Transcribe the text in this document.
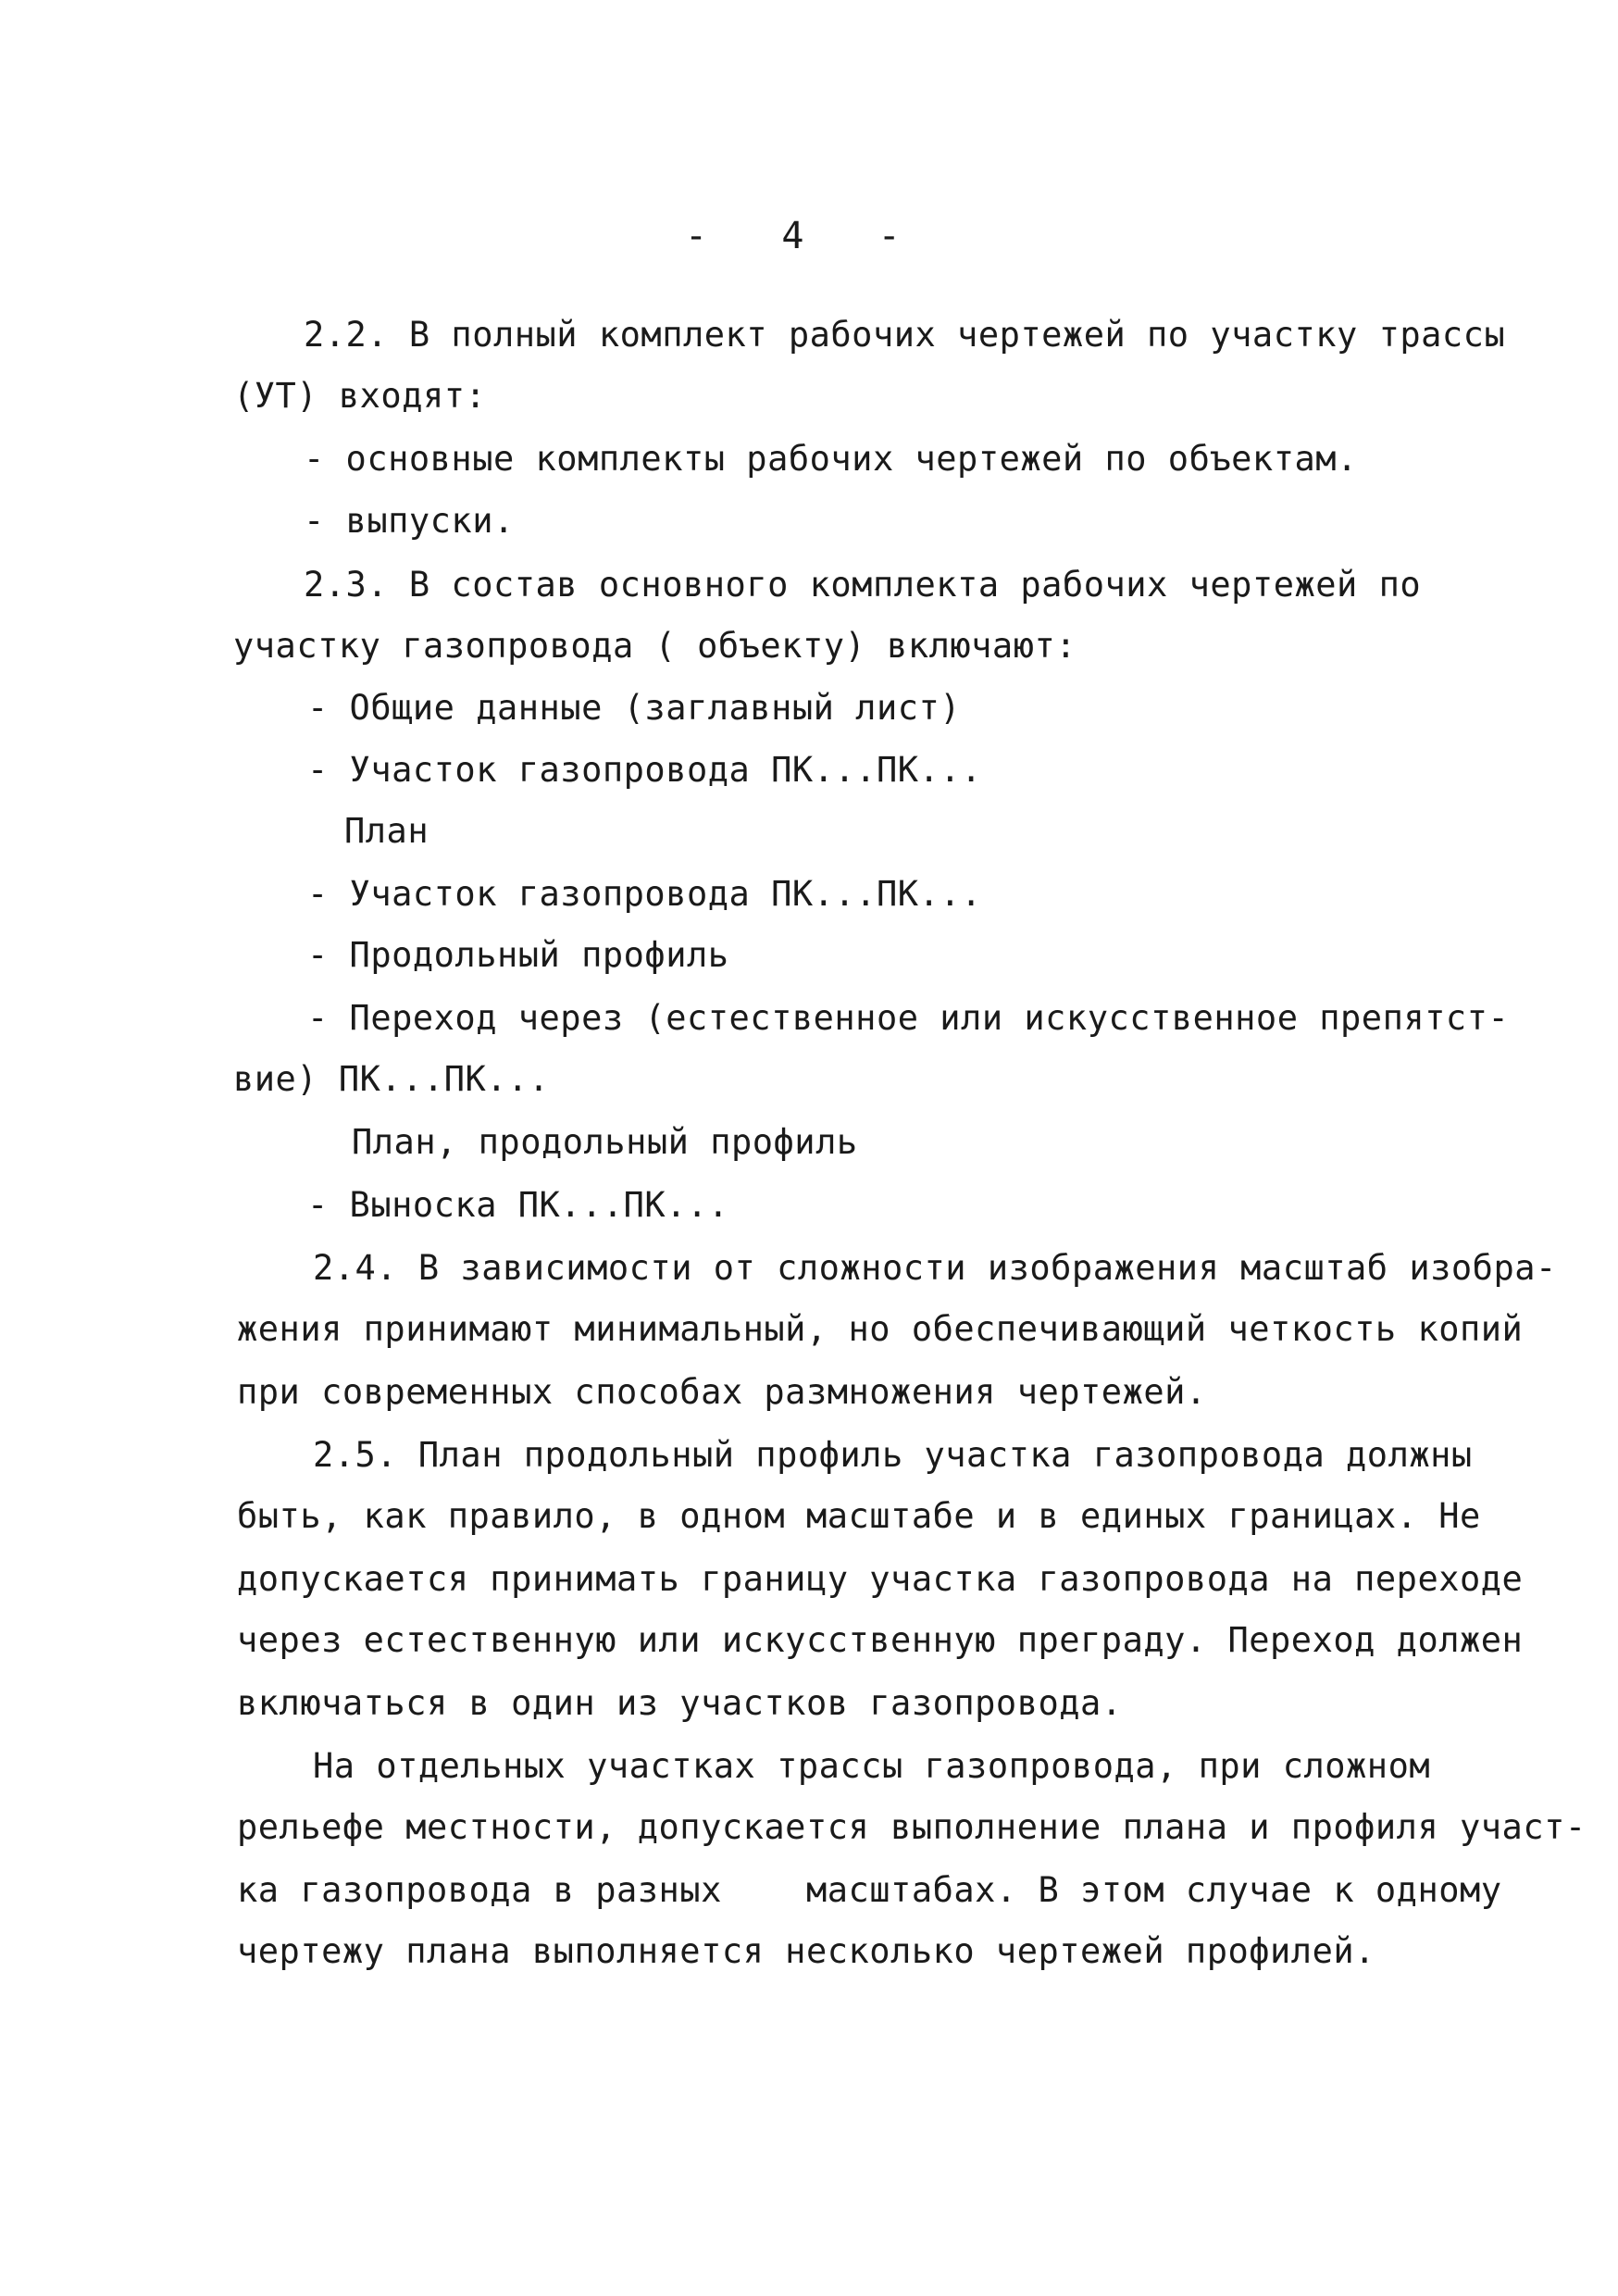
-   4   -
2.2. В полный комплект рабочих чертежей по участку трассы
(УТ) входят:
- основные комплекты рабочих чертежей по объектам.
- выпуски.
2.3. В состав основного комплекта рабочих чертежей по
участку газопровода ( объекту) включают:
- Общие данные (заглавный лист)
- Участок газопровода ПК...ПК...
План
- Участок газопровода ПК...ПК...
- Продольный профиль
- Переход через (естественное или искусственное препятст-
вие) ПК...ПК...
План, продольный профиль
- Выноска ПК...ПК...
2.4. В зависимости от сложности изображения масштаб изобра-
жения принимают минимальный, но обеспечивающий четкость копий
при современных способах размножения чертежей.
2.5. План продольный профиль участка газопровода должны
быть, как правило, в одном масштабе и в единых границах. Не
допускается принимать границу участка газопровода на переходе
через естественную или искусственную преграду. Переход должен
включаться в один из участков газопровода.
На отдельных участках трассы газопровода, при сложном
рельефе местности, допускается выполнение плана и профиля участ-
ка газопровода в разных    масштабах. В этом случае к одному
чертежу плана выполняется несколько чертежей профилей.
